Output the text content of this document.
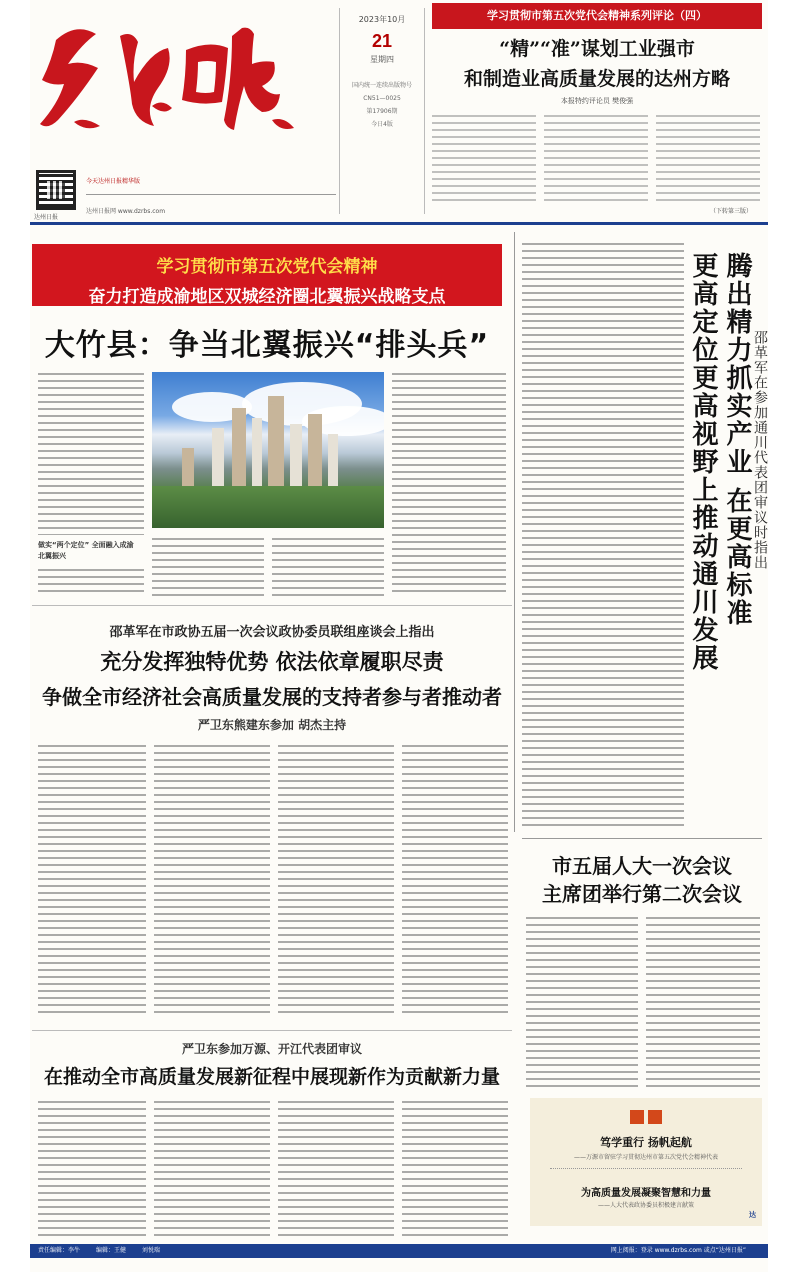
达州日报
今天达州日报精华版
达州日报网 www.dzrbs.com
2023年10月
21
星期四
国内统一连续出版物号
CN51—0025
第17906期
今日4版
学习贯彻市第五次党代会精神系列评论（四）
“精”“准”谋划工业强市
和制造业高质量发展的达州方略
本报特约评论员 樊俊强
（下转第三版）
学习贯彻市第五次党代会精神
奋力打造成渝地区双城经济圈北翼振兴战略支点
大竹县：争当北翼振兴“排头兵”
做实“两个定位” 全面融入成渝北翼振兴	腾出精力抓实产业 在更高标准
更高定位更高视野上推动通川发展 邵革军在参加通川代表团审议时指出
邵革军在市政协五届一次会议政协委员联组座谈会上指出
充分发挥独特优势 依法依章履职尽责
争做全市经济社会高质量发展的支持者参与者推动者
严卫东熊建东参加 胡杰主持
严卫东参加万源、开江代表团审议
在推动全市高质量发展新征程中展现新作为贡献新力量
市五届人大一次会议
主席团举行第二次会议
笃学重行 扬帆起航
——万源市留驻学习贯彻达州市第五次党代会精神代表
为高质量发展凝聚智慧和力量
——人大代表政协委员积极建言献策
达
责任编辑：李牛	编辑：王健	刘悦瑞	网上阅报：登录 www.dzrbs.com 或点“达州日报”
